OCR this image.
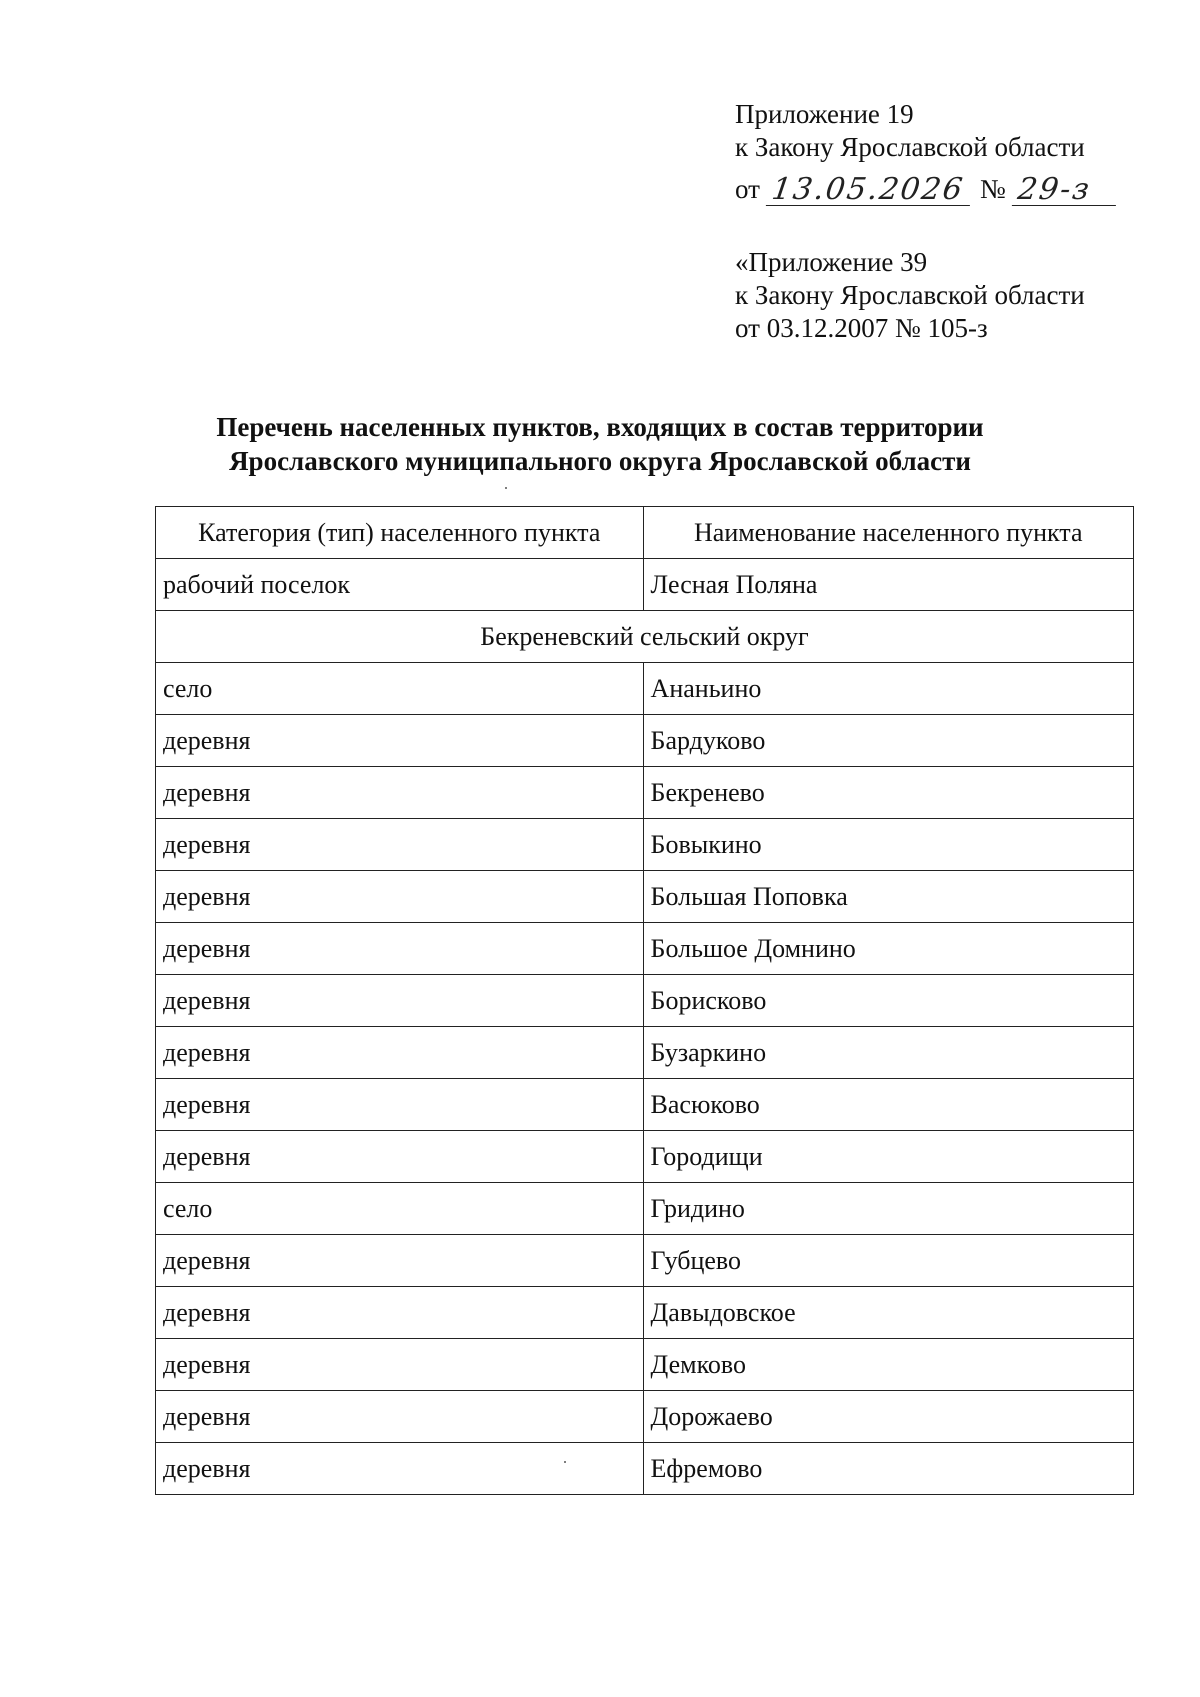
Приложение 19
к Закону Ярославской области
от 13.05.2026 № 29-з
«Приложение 39
к Закону Ярославской области
от 03.12.2007 № 105-з
Перечень населенных пунктов, входящих в состав территории
Ярославского муниципального округа Ярославской области
Категория (тип) населенного пункта	Наименование населенного пункта
рабочий поселок	Лесная Поляна
Бекреневский сельский округ	
село	Ананьино
деревня	Бардуково
деревня	Бекренево
деревня	Бовыкино
деревня	Большая Поповка
деревня	Большое Домнино
деревня	Борисково
деревня	Бузаркино
деревня	Васюково
деревня	Городищи
село	Гридино
деревня	Губцево
деревня	Давыдовское
деревня	Демково
деревня	Дорожаево
деревня	Ефремово
